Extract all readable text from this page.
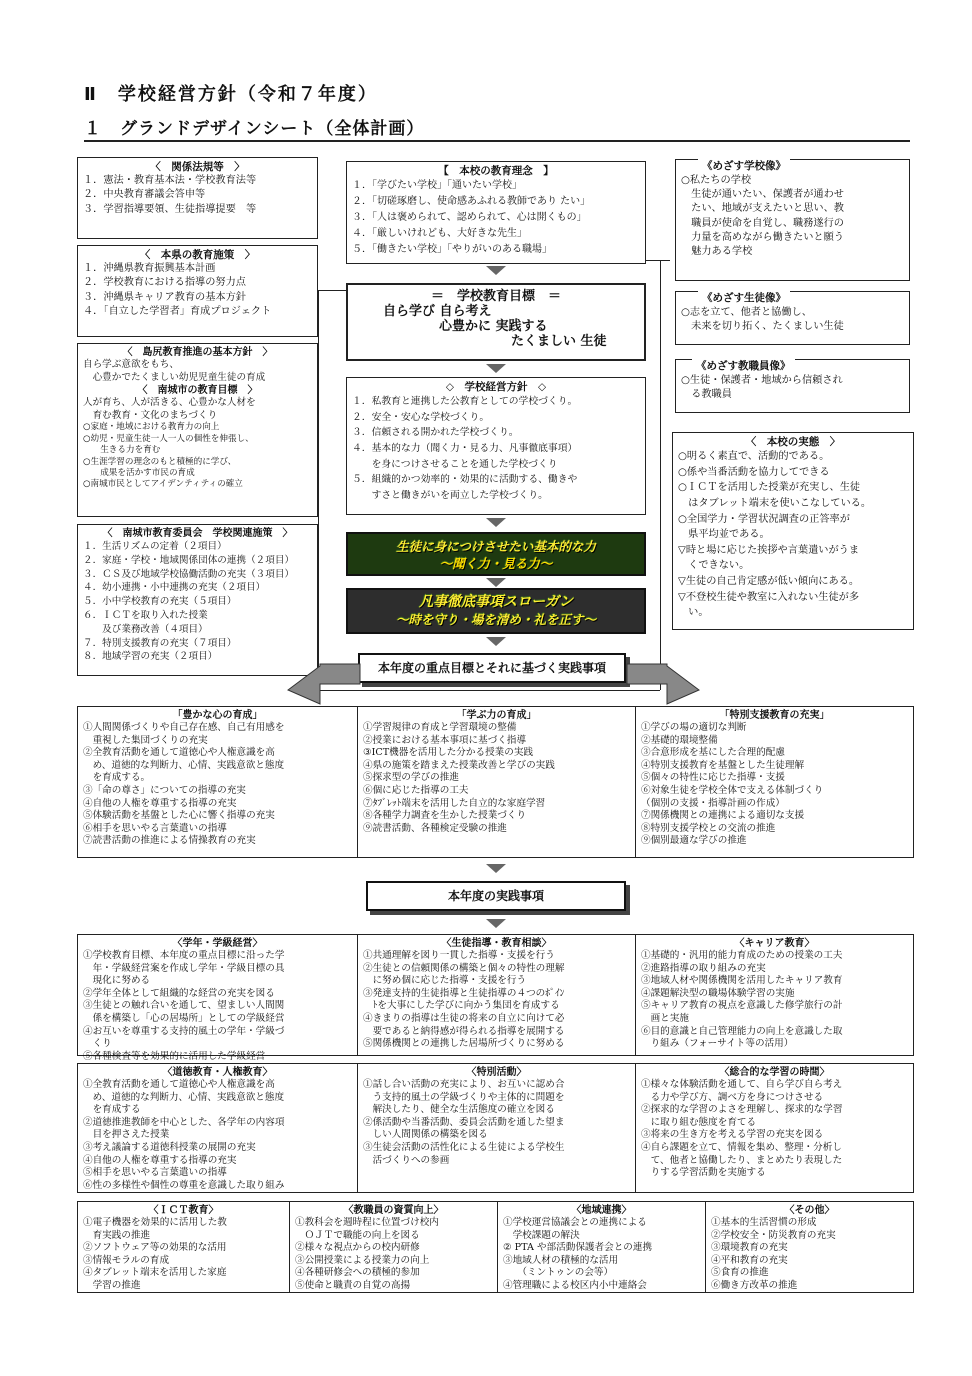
Ⅱ　学校経営方針（令和７年度）
１　グランドデザインシート（全体計画）
〈　関係法規等　〉
１．憲法・教育基本法・学校教育法等
２．中央教育審議会答申等
３．学習指導要領、生徒指導提要　等
〈　本県の教育施策　〉
１．沖縄県教育振興基本計画
２．学校教育における指導の努力点
３．沖縄県キャリア教育の基本方針
４．「自立した学習者」育成プロジェクト
〈　島尻教育推進の基本方針　〉
自ら学ぶ意欲をもち、
　心豊かでたくましい幼児児童生徒の育成
〈　南城市の教育目標　〉
人が育ち、人が活きる、心豊かな人材を
　育む教育・文化のまちづくり
○家庭・地域における教育力の向上
○幼児・児童生徒一人一人の個性を伸張し、
　　生きる力を育む
○生涯学習の理念のもと積極的に学び、
　　成果を活かす市民の育成
○南城市民としてアイデンティティの確立
〈　南城市教育委員会　学校関連施策　〉
１．生活リズムの定着（２項目）
２．家庭・学校・地域関係団体の連携（２項目）
３．ＣＳ及び地域学校協働活動の充実（３項目）
４．幼小連携・小中連携の充実（２項目）
５．小中学校教育の充実（５項目）
６．ＩＣＴを取り入れた授業
　　及び業務改善（４項目）
７．特別支援教育の充実（７項目）
８．地域学習の充実（２項目）
【　本校の教育理念　】
１．「学びたい学校」「通いたい学校」
２．「切磋琢磨し、使命感あふれる教師であり たい」
３．「人は褒められて、認められて、心は開くもの」
４．「厳しいけれども、大好きな先生」
５．「働きたい学校」「やりがいのある職場」
＝　学校教育目標　＝
自ら学び 自ら考え
心豊かに 実践する
たくましい 生徒
◇　学校経営方針　◇
１．私教育と連携した公教育としての学校づくり。
２．安全・安心な学校づくり。
３．信頼される開かれた学校づくり。
４．基本的な力（聞く力・見る力、凡事徹底事項）
　　を身につけさせることを通した学校づくり
５．組織的かつ効率的・効果的に活動する、働きや
　　すさと働きがいを両立した学校づくり。
生徒に身につけさせたい基本的な力
～聞く力・見る力～
凡事徹底事項スローガン
～時を守り・場を清め・礼を正す～
本年度の重点目標とそれに基づく実践事項
《めざす学校像》
○私たちの学校
　生徒が通いたい、保護者が通わせ
　たい、地域が支えたいと思い、教
　職員が使命を自覚し、職務遂行の
　力量を高めながら働きたいと願う
　魅力ある学校
《めざす生徒像》
○志を立て、他者と協働し、
　未来を切り拓く、たくましい生徒
《めざす教職員像》
○生徒・保護者・地域から信頼され
　る教職員
〈　本校の実態　〉
○明るく素直で、活動的である。
○係や当番活動を協力してできる
○ＩＣＴを活用した授業が充実し、生徒
　はタブレット端末を使いこなしている。
○全国学力・学習状況調査の正答率が
　県平均並である。
▽時と場に応じた挨拶や言葉遣いがうま
　くできない。
▽生徒の自己肯定感が低い傾向にある。
▽不登校生徒や教室に入れない生徒が多
　い。
「豊かな心の育成」
①人間関係づくりや自己存在感、自己有用感を
　重視した集団づくりの充実
②全教育活動を通して道徳心や人権意識を高
　め、道徳的な判断力、心情、実践意欲と態度
　を育成する。
③「命の尊さ」についての指導の充実
④自他の人権を尊重する指導の充実
⑤体験活動を基盤とした心に響く指導の充実
⑥相手を思いやる言葉遣いの指導
⑦読書活動の推進による情操教育の充実
「学ぶ力の育成」
①学習規律の育成と学習環境の整備
②授業における基本事項に基づく指導
③ICT機器を活用した分かる授業の実践
④県の施策を踏まえた授業改善と学びの実践
⑤探求型の学びの推進
⑥個に応じた指導の工夫
⑦ﾀﾌﾞﾚｯﾄ端末を活用した自立的な家庭学習
⑧各種学力調査を生かした授業づくり
⑨読書活動、各種検定受験の推進
「特別支援教育の充実」
①学びの場の適切な判断
②基礎的環境整備
③合意形成を基にした合理的配慮
④特別支援教育を基盤とした生徒理解
⑤個々の特性に応じた指導・支援
⑥対象生徒を学校全体で支える体制づくり
（個別の支援・指導計画の作成）
⑦関係機関との連携による適切な支援
⑧特別支援学校との交流の推進
⑨個別最適な学びの推進
本年度の実践事項
〈学年・学級経営〉
①学校教育目標、本年度の重点目標に沿った学
　年・学級経営案を作成し学年・学級目標の具
　現化に努める
②学年全体として組織的な経営の充実を図る
③生徒との触れ合いを通して、望ましい人間関
　係を構築し「心の居場所」としての学級経営
④お互いを尊重する支持的風土の学年・学級づ
　くり
⑤各種検査等を効果的に活用した学級経営
〈生徒指導・教育相談〉
①共通理解を図り一貫した指導・支援を行う
②生徒との信頼関係の構築と個々の特性の理解
　に努め個に応じた指導・支援を行う
③発達支持的生徒指導と生徒指導の４つのﾎﾟｲﾝ
　ﾄを大事にした学びに向かう集団を育成する
④きまりの指導は生徒の将来の自立に向けて必
　要であると納得感が得られる指導を展開する
⑤関係機関との連携した居場所づくりに努める
〈キャリア教育〉
①基礎的・汎用的能力育成のための授業の工夫
②進路指導の取り組みの充実
③地域人材や関係機関を活用したキャリア教育
④課題解決型の職場体験学習の実施
⑤キャリア教育の視点を意識した修学旅行の計
　画と実施
⑥目的意識と自己管理能力の向上を意識した取
　り組み（フォーサイト等の活用）
〈道徳教育・人権教育〉
①全教育活動を通して道徳心や人権意識を高
　め、道徳的な判断力、心情、実践意欲と態度
　を育成する
②道徳推進教師を中心とした、各学年の内容項
　目を押さえた授業
③考え議論する道徳科授業の展開の充実
④自他の人権を尊重する指導の充実
⑤相手を思いやる言葉遣いの指導
⑥性の多様性や個性の尊重を意識した取り組み
〈特別活動〉
①話し合い活動の充実により、お互いに認め合
　う支持的風土の学級づくりや主体的に問題を
　解決したり、健全な生活態度の確立を図る
②係活動や当番活動、委員会活動を通した望ま
　しい人間関係の構築を図る
③生徒会活動の活性化による生徒による学校生
　活づくりへの参画
〈総合的な学習の時間〉
①様々な体験活動を通して、自ら学び自ら考え
　る力や学び方、調べ方を身につけさせる
②探求的な学習のよさを理解し、探求的な学習
　に取り組む態度を育てる
③将来の生き方を考える学習の充実を図る
④自ら課題を立て、情報を集め、整理・分析し
　て、他者と協働したり、まとめたり表現した
　りする学習活動を実施する
〈ＩＣＴ教育〉
①電子機器を効果的に活用した教
　育実践の推進
②ソフトウェア等の効果的な活用
③情報モラルの育成
④タブレット端末を活用した家庭
　学習の推進
〈教職員の資質向上〉
①教科会を週時程に位置づけ校内
　ＯＪＴで職能の向上を図る
②様々な視点からの校内研修
③公開授業による授業力の向上
④各種研修会への積極的参加
⑤使命と職責の自覚の高揚
〈地域連携〉
①学校運営協議会との連携による
　学校課題の解決
② PTA や部活動保護者会との連携
③地域人材の積極的な活用
　　（ミントゥンの会等）
④管理職による校区内小中連絡会
〈その他〉
①基本的生活習慣の形成
②学校安全・防災教育の充実
③環境教育の充実
④平和教育の充実
⑤食育の推進
⑥働き方改革の推進
